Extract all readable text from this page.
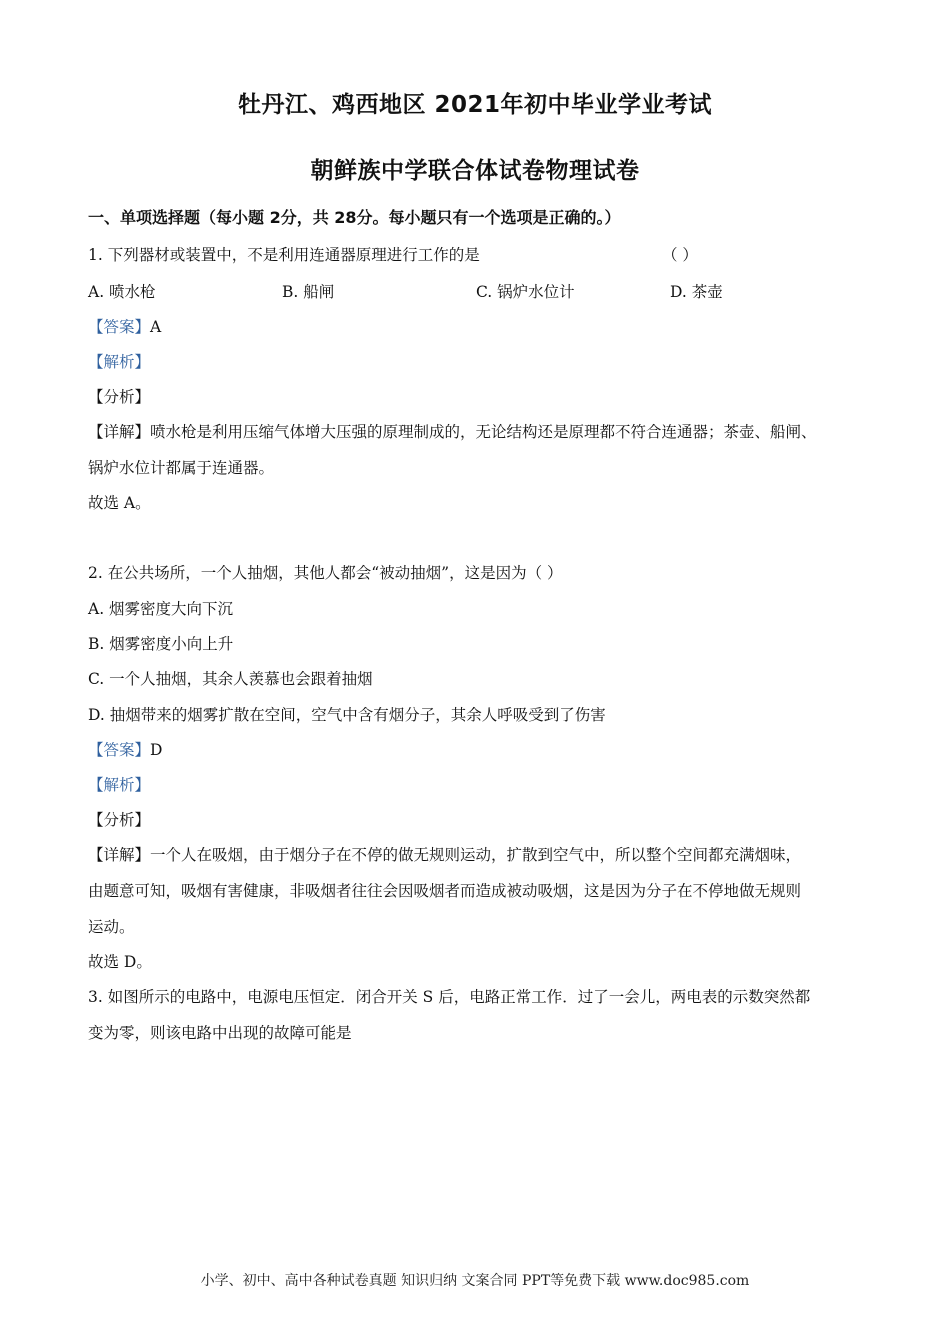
牡丹江、鸡西地区 2021年初中毕业学业考试
朝鲜族中学联合体试卷物理试卷
一、单项选择题（每小题 2分，共 28分。每小题只有一个选项是正确的。）
1. 下列器材或装置中，不是利用连通器原理进行工作的是	（ ）
A. 喷水枪	B. 船闸	C. 锅炉水位计	D. 茶壶
【答案】A
【解析】
【分析】
【详解】喷水枪是利用压缩气体增大压强的原理制成的，无论结构还是原理都不符合连通器；茶壶、船闸、
锅炉水位计都属于连通器。
故选 A。
2. 在公共场所，一个人抽烟，其他人都会“被动抽烟”，这是因为（ ）
A. 烟雾密度大向下沉
B. 烟雾密度小向上升
C. 一个人抽烟，其余人羡慕也会跟着抽烟
D. 抽烟带来的烟雾扩散在空间，空气中含有烟分子，其余人呼吸受到了伤害
【答案】D
【解析】
【分析】
【详解】一个人在吸烟，由于烟分子在不停的做无规则运动，扩散到空气中，所以整个空间都充满烟味，
由题意可知，吸烟有害健康，非吸烟者往往会因吸烟者而造成被动吸烟，这是因为分子在不停地做无规则
运动。
故选 D。
3. 如图所示的电路中，电源电压恒定．闭合开关 S 后，电路正常工作．过了一会儿，两电表的示数突然都
变为零，则该电路中出现的故障可能是
小学、初中、高中各种试卷真题 知识归纳 文案合同 PPT等免费下载 www.doc985.com
